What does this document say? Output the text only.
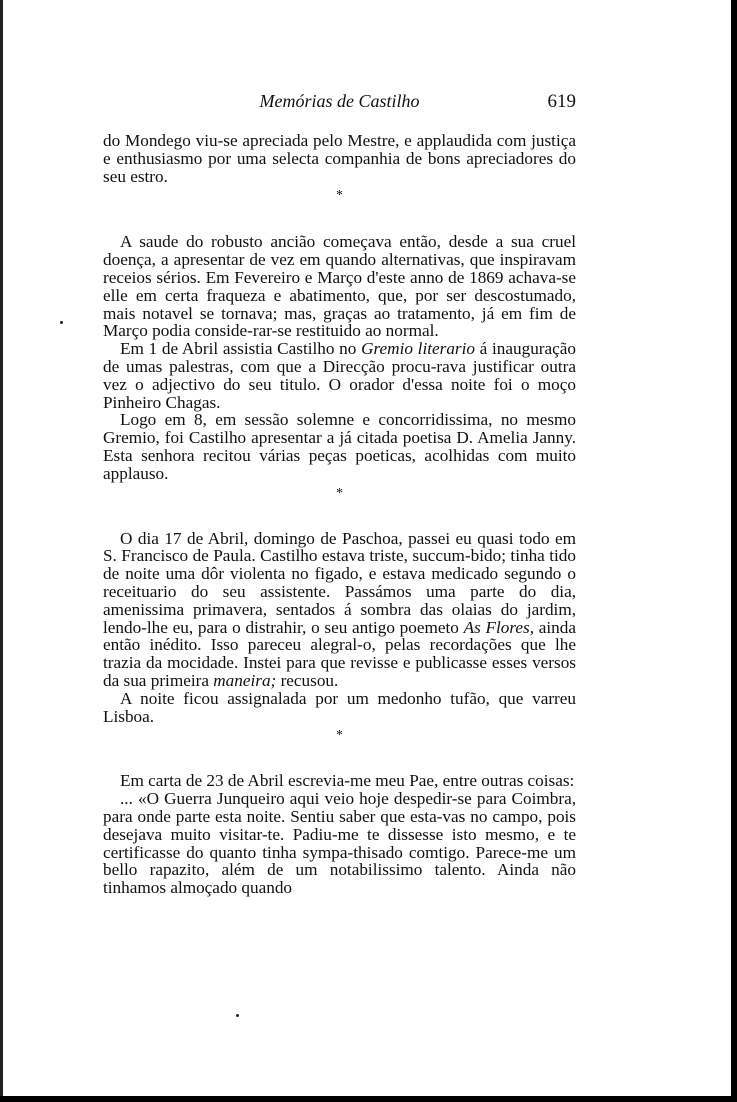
Memórias de Castilho	619

do Mondego viu-se apreciada pelo Mestre, e applaudida com justiça e enthusiasmo por uma selecta companhia de bons apreciadores do seu estro.

*

A saude do robusto ancião começava então, desde a sua cruel doença, a apresentar de vez em quando alternativas, que inspiravam receios sérios. Em Fevereiro e Março d'este anno de 1869 achava-se elle em certa fraqueza e abatimento, que, por ser descostumado, mais notavel se tornava; mas, graças ao tratamento, já em fim de Março podia conside-rar-se restituido ao normal.

Em 1 de Abril assistia Castilho no Gremio literario á inauguração de umas palestras, com que a Direcção procu-rava justificar outra vez o adjectivo do seu titulo. O orador d'essa noite foi o moço Pinheiro Chagas.

Logo em 8, em sessão solemne e concorridissima, no mesmo Gremio, foi Castilho apresentar a já citada poetisa D. Amelia Janny. Esta senhora recitou várias peças poeticas, acolhidas com muito applauso.

*

O dia 17 de Abril, domingo de Paschoa, passei eu quasi todo em S. Francisco de Paula. Castilho estava triste, succum-bido; tinha tido de noite uma dôr violenta no figado, e estava medicado segundo o receituario do seu assistente. Passámos uma parte do dia, amenissima primavera, sentados á sombra das olaias do jardim, lendo-lhe eu, para o distrahir, o seu antigo poemeto As Flores, ainda então inédito. Isso pareceu alegral-o, pelas recordações que lhe trazia da mocidade. Instei para que revisse e publicasse esses versos da sua primeira maneira; recusou.

A noite ficou assignalada por um medonho tufão, que varreu Lisboa.

*

Em carta de 23 de Abril escrevia-me meu Pae, entre outras coisas:

... «O Guerra Junqueiro aqui veio hoje despedir-se para Coimbra, para onde parte esta noite. Sentiu saber que esta-vas no campo, pois desejava muito visitar-te. Padiu-me te dissesse isto mesmo, e te certificasse do quanto tinha sympa-thisado comtigo. Parece-me um bello rapazito, além de um notabilissimo talento. Ainda não tinhamos almoçado quando
